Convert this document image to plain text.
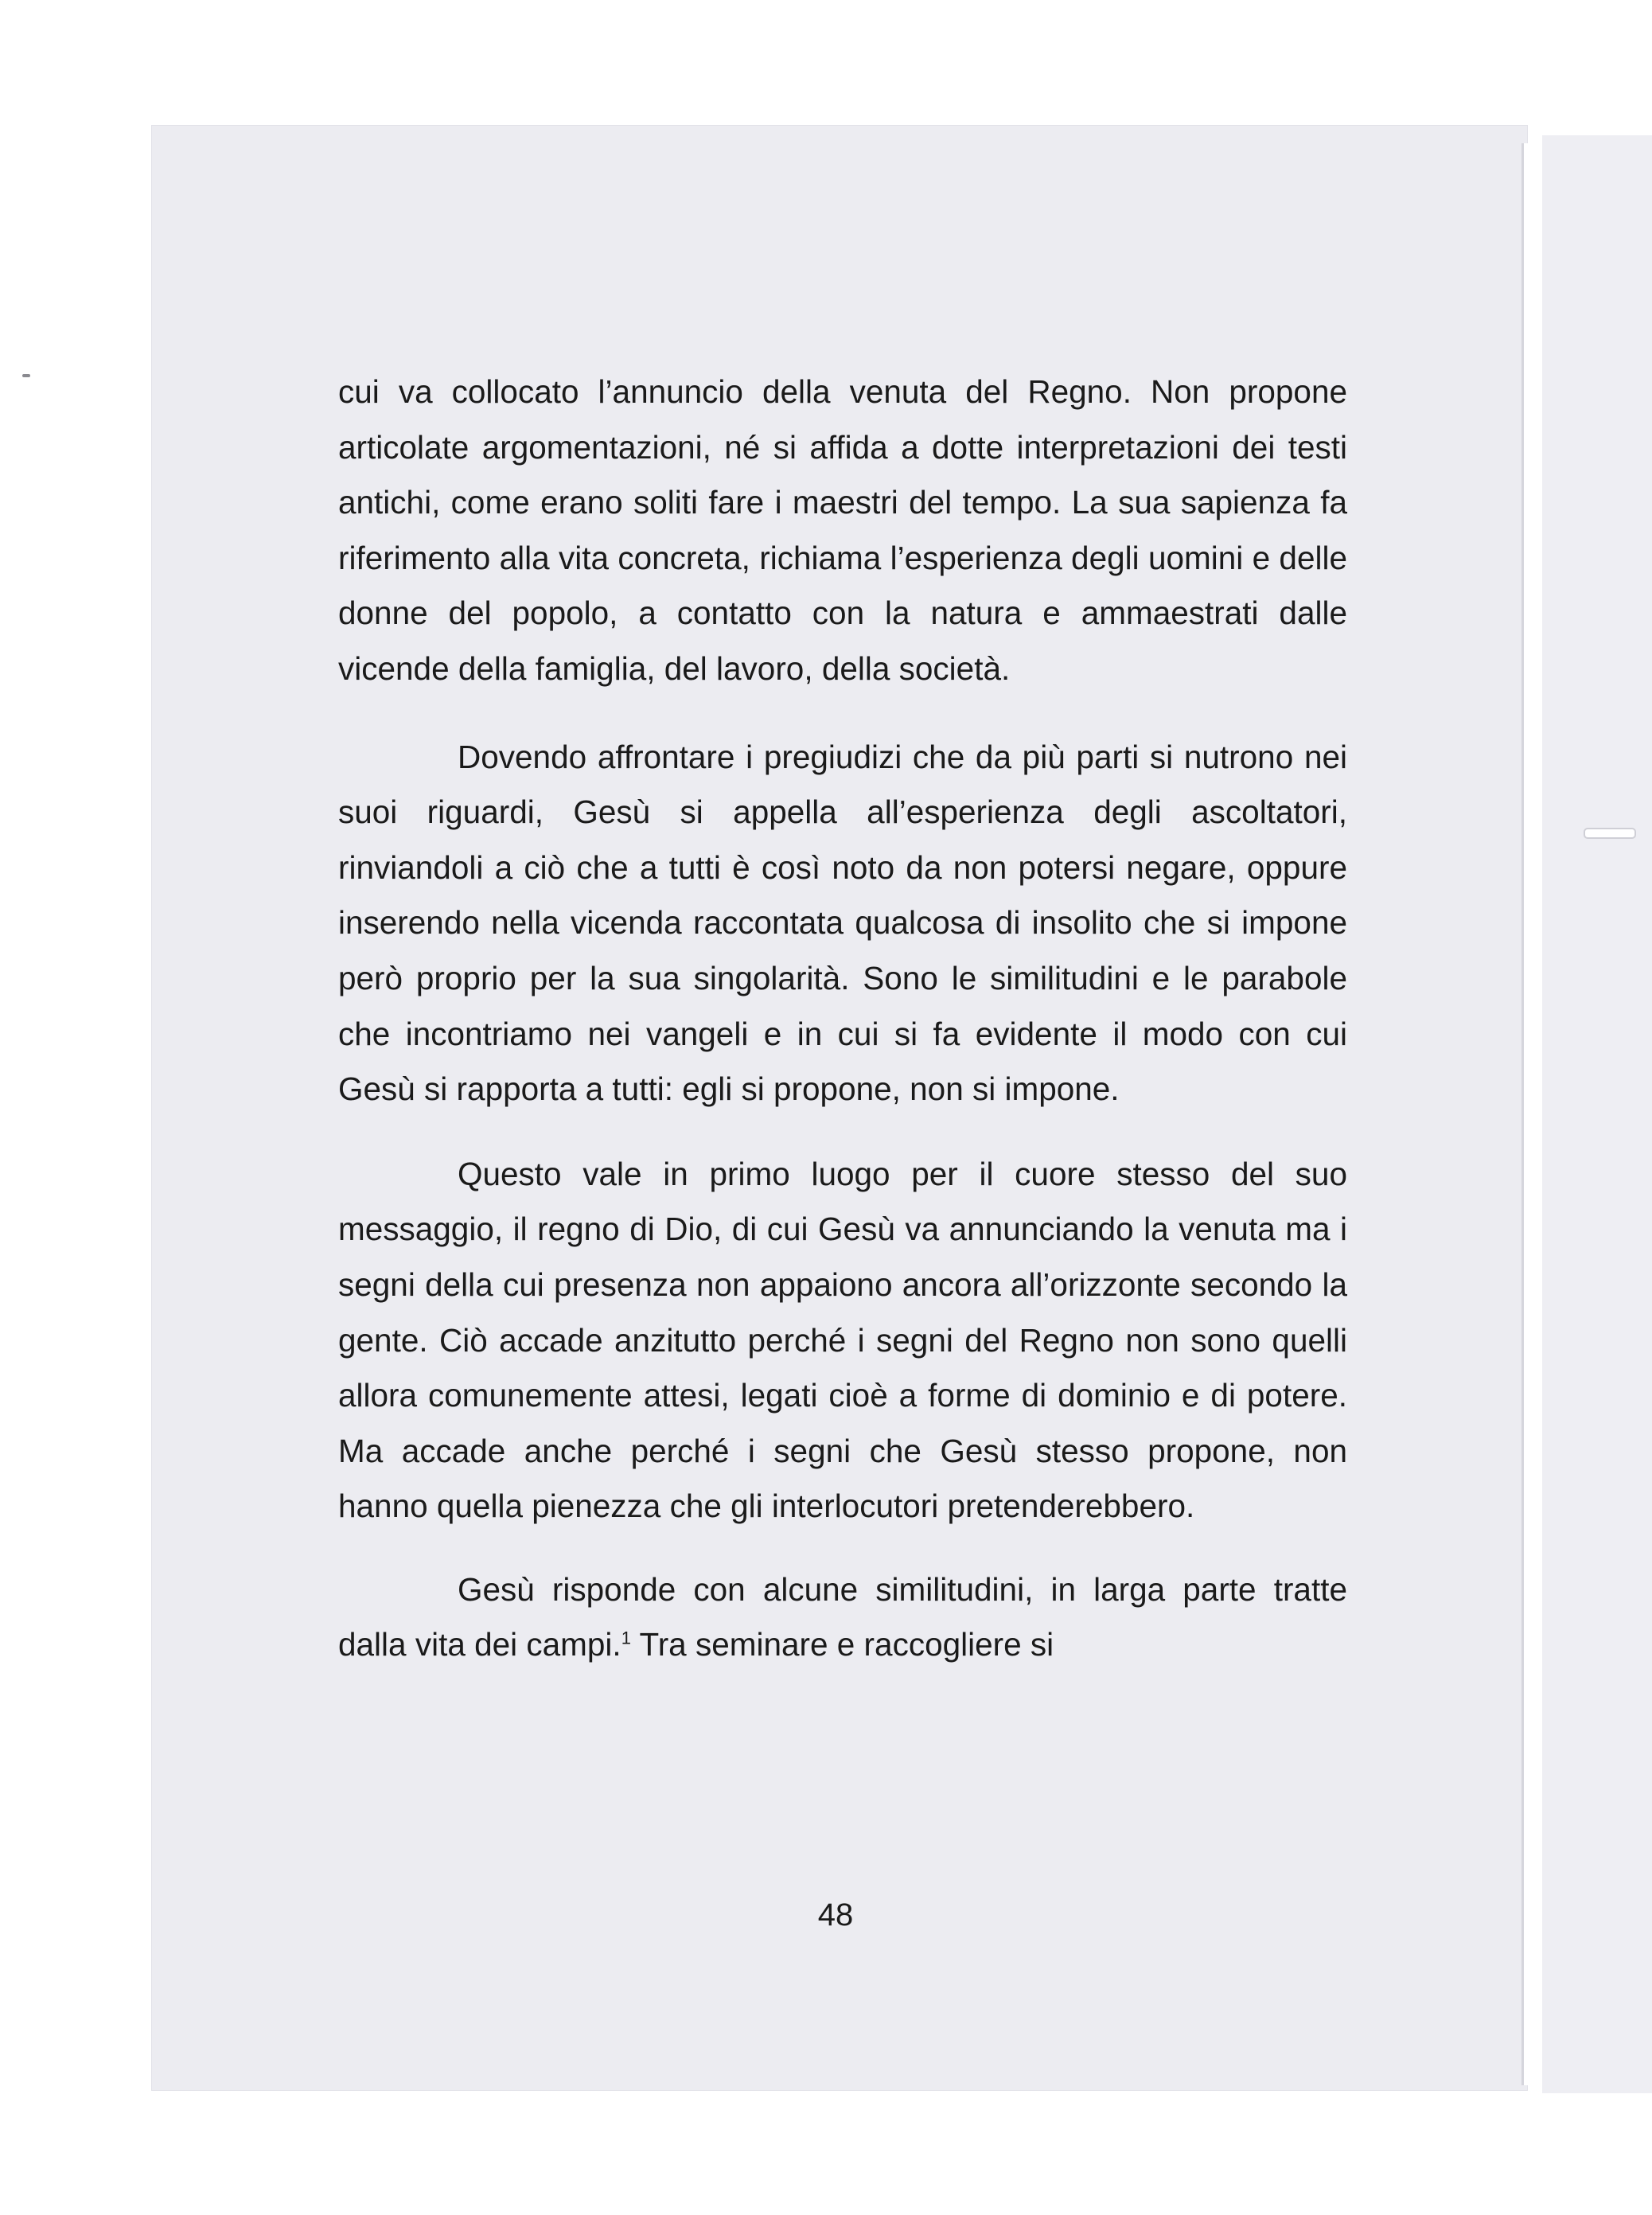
cui va collocato l’annuncio della venuta del Regno. Non propone articolate argomentazioni, né si affida a dotte interpretazioni dei testi antichi, come erano soliti fare i maestri del tempo. La sua sapienza fa riferimento alla vita concreta, richiama l’esperienza degli uomini e delle donne del popolo, a contatto con la natura e ammaestrati dalle vicende della famiglia, del lavoro, della società.

Dovendo affrontare i pregiudizi che da più parti si nutrono nei suoi riguardi, Gesù si appella all’esperienza degli ascoltatori, rinviandoli a ciò che a tutti è così noto da non potersi negare, oppure inserendo nella vicenda raccontata qualcosa di insolito che si impone però proprio per la sua singolarità. Sono le similitudini e le parabole che incontriamo nei vangeli e in cui si fa evidente il modo con cui Gesù si rapporta a tutti: egli si propone, non si impone.

Questo vale in primo luogo per il cuore stesso del suo messaggio, il regno di Dio, di cui Gesù va annunciando la venuta ma i segni della cui presenza non appaiono ancora all’orizzonte secondo la gente. Ciò accade anzitutto perché i segni del Regno non sono quelli allora comunemente attesi, legati cioè a forme di dominio e di potere. Ma accade anche perché i segni che Gesù stesso propone, non hanno quella pienezza che gli interlocutori pretenderebbero.

Gesù risponde con alcune similitudini, in larga parte tratte dalla vita dei campi.$^1$ Tra seminare e raccogliere si

48
